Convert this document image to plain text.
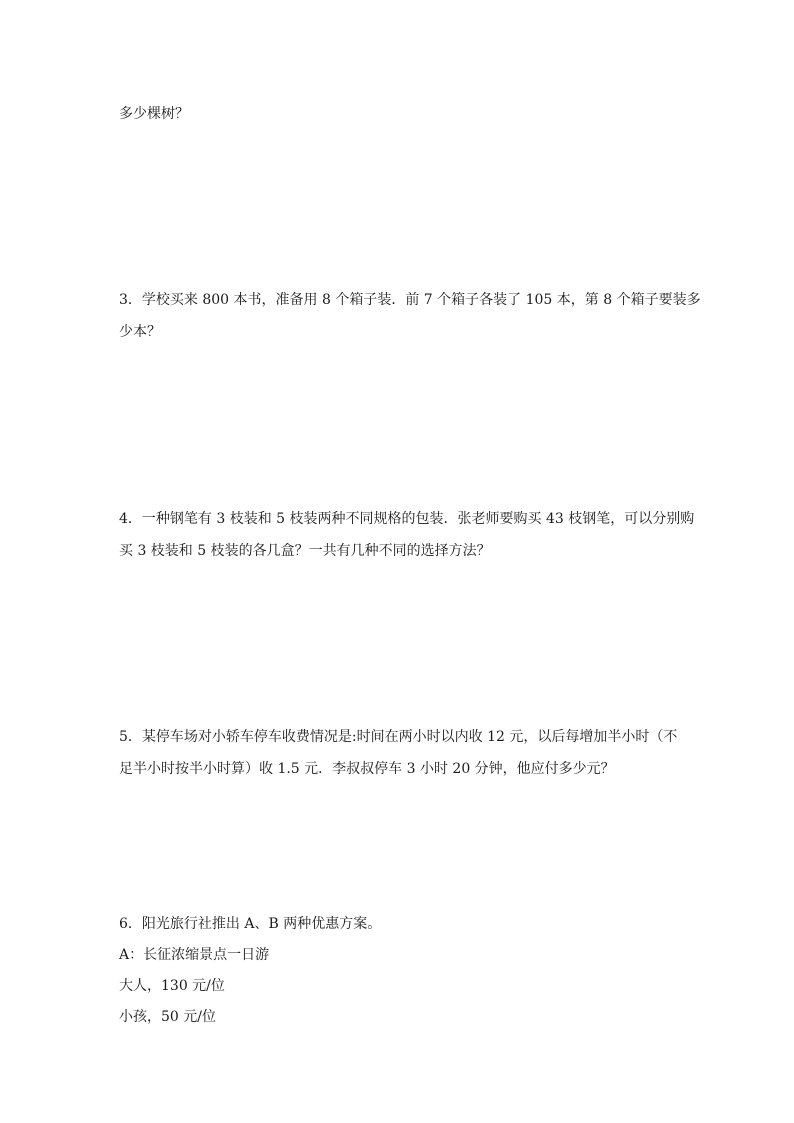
多少棵树？
3．学校买来 800 本书，准备用 8 个箱子装．前 7 个箱子各装了 105 本，第 8 个箱子要装多
少本？
4．一种钢笔有 3 枝装和 5 枝装两种不同规格的包装．张老师要购买 43 枝钢笔，可以分别购
买 3 枝装和 5 枝装的各几盒？一共有几种不同的选择方法？
5．某停车场对小轿车停车收费情况是:时间在两小时以内收 12 元，以后每增加半小时（不
足半小时按半小时算）收 1.5 元．李叔叔停车 3 小时 20 分钟，他应付多少元？
6．阳光旅行社推出 A、B 两种优惠方案。
A：长征浓缩景点一日游
大人，130 元/位
小孩，50 元/位
